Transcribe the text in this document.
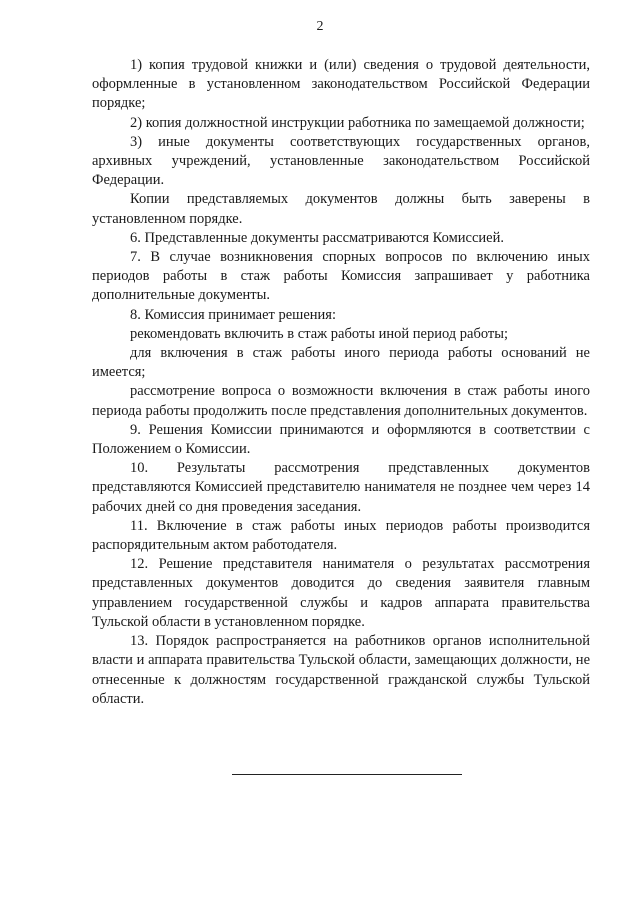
2

1) копия трудовой книжки и (или) сведения о трудовой деятельности, оформленные в установленном законодательством Российской Федерации порядке;

2) копия должностной инструкции работника по замещаемой должности;

3) иные документы соответствующих государственных органов, архивных учреждений, установленные законодательством Российской Федерации.

Копии представляемых документов должны быть заверены в установленном порядке.

6. Представленные документы рассматриваются Комиссией.

7. В случае возникновения спорных вопросов по включению иных периодов работы в стаж работы Комиссия запрашивает у работника дополнительные документы.

8. Комиссия принимает решения:

рекомендовать включить в стаж работы иной период работы;

для включения в стаж работы иного периода работы оснований не имеется;

рассмотрение вопроса о возможности включения в стаж работы иного периода работы продолжить после представления дополнительных документов.

9. Решения Комиссии принимаются и оформляются в соответствии с Положением о Комиссии.

10. Результаты рассмотрения представленных документов представляются Комиссией представителю нанимателя не позднее чем через 14 рабочих дней со дня проведения заседания.

11. Включение в стаж работы иных периодов работы производится распорядительным актом работодателя.

12. Решение представителя нанимателя о результатах рассмотрения представленных документов доводится до сведения заявителя главным управлением государственной службы и кадров аппарата правительства Тульской области в установленном порядке.

13. Порядок распространяется на работников органов исполнительной власти и аппарата правительства Тульской области, замещающих должности, не отнесенные к должностям государственной гражданской службы Тульской области.
